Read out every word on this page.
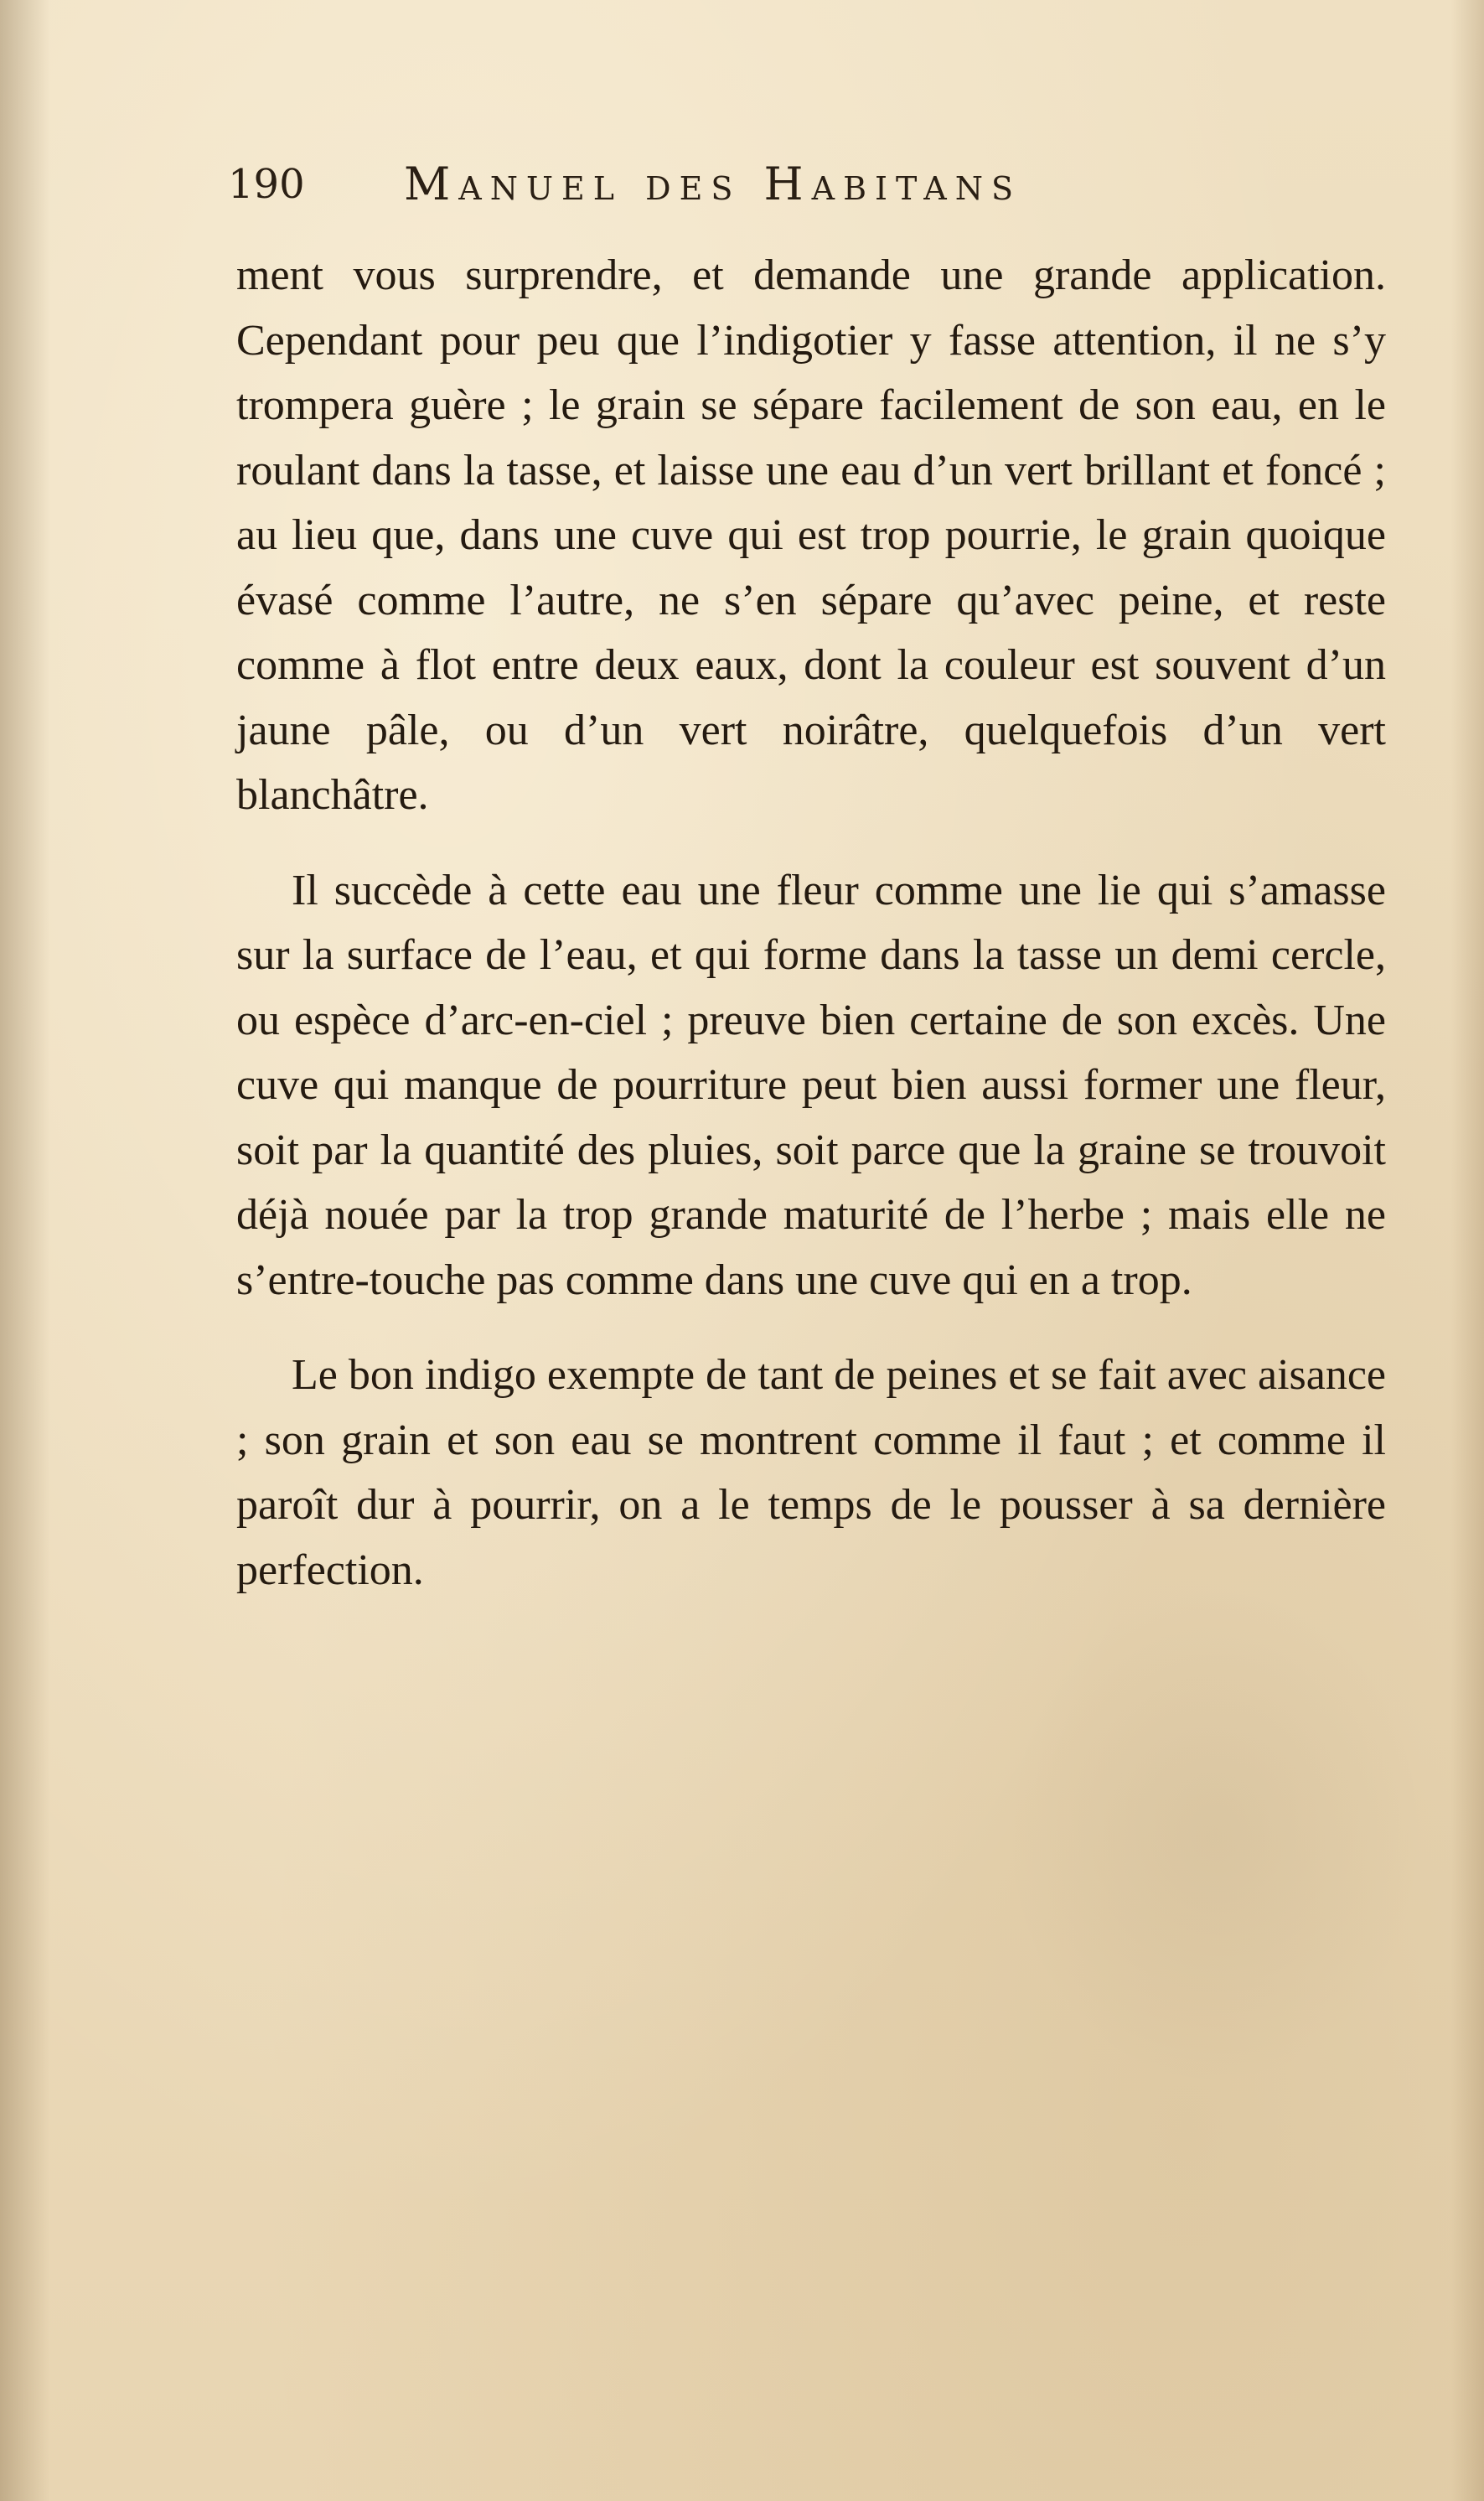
190 Manuel des Habitans

ment vous surprendre, et demande une grande application. Cependant pour peu que l’indigotier y fasse attention, il ne s’y trompera guère ; le grain se sépare facilement de son eau, en le roulant dans la tasse, et laisse une eau d’un vert brillant et foncé ; au lieu que, dans une cuve qui est trop pourrie, le grain quoique évasé comme l’autre, ne s’en sépare qu’avec peine, et reste comme à flot entre deux eaux, dont la couleur est souvent d’un jaune pâle, ou d’un vert noirâtre, quelquefois d’un vert blanchâtre.

Il succède à cette eau une fleur comme une lie qui s’amasse sur la surface de l’eau, et qui forme dans la tasse un demi cercle, ou espèce d’arc-en-ciel ; preuve bien certaine de son excès. Une cuve qui manque de pourriture peut bien aussi former une fleur, soit par la quantité des pluies, soit parce que la graine se trouvoit déjà nouée par la trop grande maturité de l’herbe ; mais elle ne s’entre-touche pas comme dans une cuve qui en a trop.

Le bon indigo exempte de tant de peines et se fait avec aisance ; son grain et son eau se montrent comme il faut ; et comme il paroît dur à pourrir, on a le temps de le pousser à sa dernière perfection.
